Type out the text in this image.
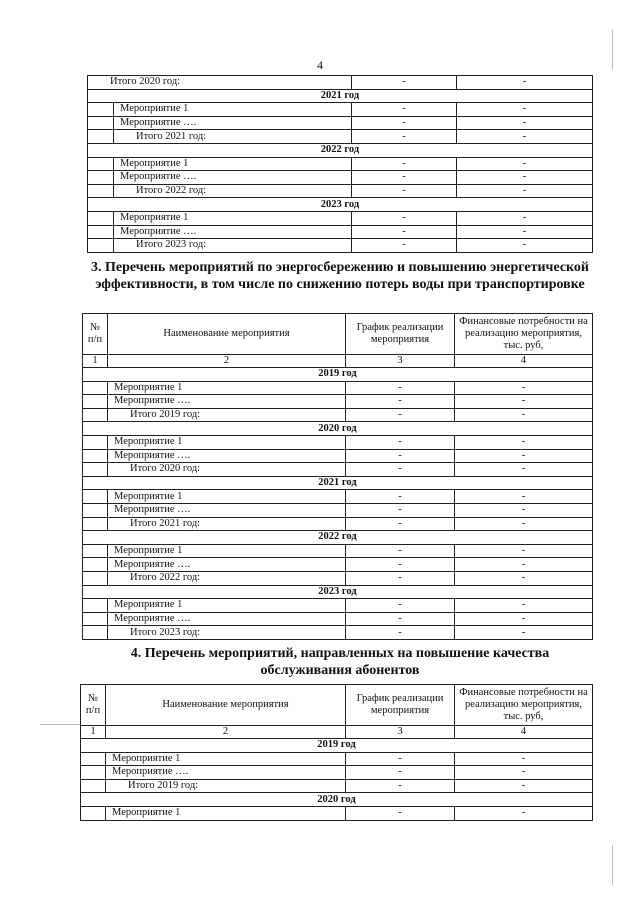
4
Итого 2020 год:		-	-
2021 год			
	Мероприятие 1	-	-
	Мероприятие ….	-	-
	Итого 2021 год:	-	-
2022 год			
	Мероприятие 1	-	-
	Мероприятие ….	-	-
	Итого 2022 год:	-	-
2023 год			
	Мероприятие 1	-	-
	Мероприятие ….	-	-
	Итого 2023 год:	-	-
3. Перечень мероприятий по энергосбережению и повышению энергетической эффективности, в том числе по снижению потерь воды при транспортировке
№ п/п	Наименование мероприятия	График реализации мероприятия	Финансовые потребности на реализацию мероприятия, тыс. руб,
1	2	3	4
2019 год			
	Мероприятие 1	-	-
	Мероприятие ….	-	-
	Итого 2019 год:	-	-
2020 год			
	Мероприятие 1	-	-
	Мероприятие ….	-	-
	Итого 2020 год:	-	-
2021 год			
	Мероприятие 1	-	-
	Мероприятие ….	-	-
	Итого 2021 год:	-	-
2022 год			
	Мероприятие 1	-	-
	Мероприятие ….	-	-
	Итого 2022 год:	-	-
2023 год			
	Мероприятие 1	-	-
	Мероприятие ….	-	-
	Итого 2023 год:	-	-
4. Перечень мероприятий, направленных на повышение качества обслуживания абонентов
№ п/п	Наименование мероприятия	График реализации мероприятия	Финансовые потребности на реализацию мероприятия, тыс. руб,
1	2	3	4
2019 год			
	Мероприятие 1	-	-
	Мероприятие ….	-	-
	Итого 2019 год:	-	-
2020 год			
	Мероприятие 1	-	-
